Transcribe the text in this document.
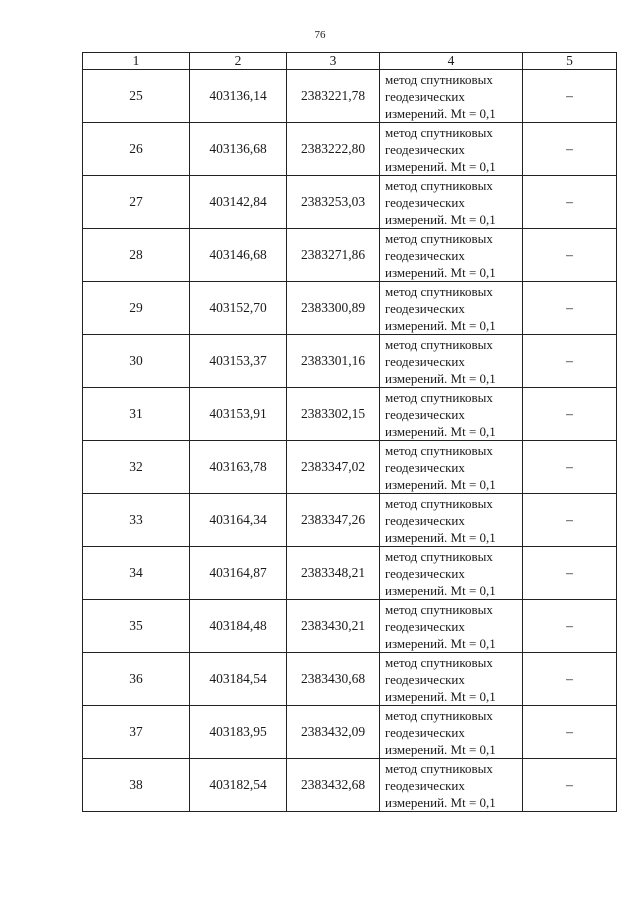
76
1	2	3	4	5
25	403136,14	2383221,78	метод спутниковых
геодезических
измерений. Mt = 0,1	–
26	403136,68	2383222,80	метод спутниковых
геодезических
измерений. Mt = 0,1	–
27	403142,84	2383253,03	метод спутниковых
геодезических
измерений. Mt = 0,1	–
28	403146,68	2383271,86	метод спутниковых
геодезических
измерений. Mt = 0,1	–
29	403152,70	2383300,89	метод спутниковых
геодезических
измерений. Mt = 0,1	–
30	403153,37	2383301,16	метод спутниковых
геодезических
измерений. Mt = 0,1	–
31	403153,91	2383302,15	метод спутниковых
геодезических
измерений. Mt = 0,1	–
32	403163,78	2383347,02	метод спутниковых
геодезических
измерений. Mt = 0,1	–
33	403164,34	2383347,26	метод спутниковых
геодезических
измерений. Mt = 0,1	–
34	403164,87	2383348,21	метод спутниковых
геодезических
измерений. Mt = 0,1	–
35	403184,48	2383430,21	метод спутниковых
геодезических
измерений. Mt = 0,1	–
36	403184,54	2383430,68	метод спутниковых
геодезических
измерений. Mt = 0,1	–
37	403183,95	2383432,09	метод спутниковых
геодезических
измерений. Mt = 0,1	–
38	403182,54	2383432,68	метод спутниковых
геодезических
измерений. Mt = 0,1	–
